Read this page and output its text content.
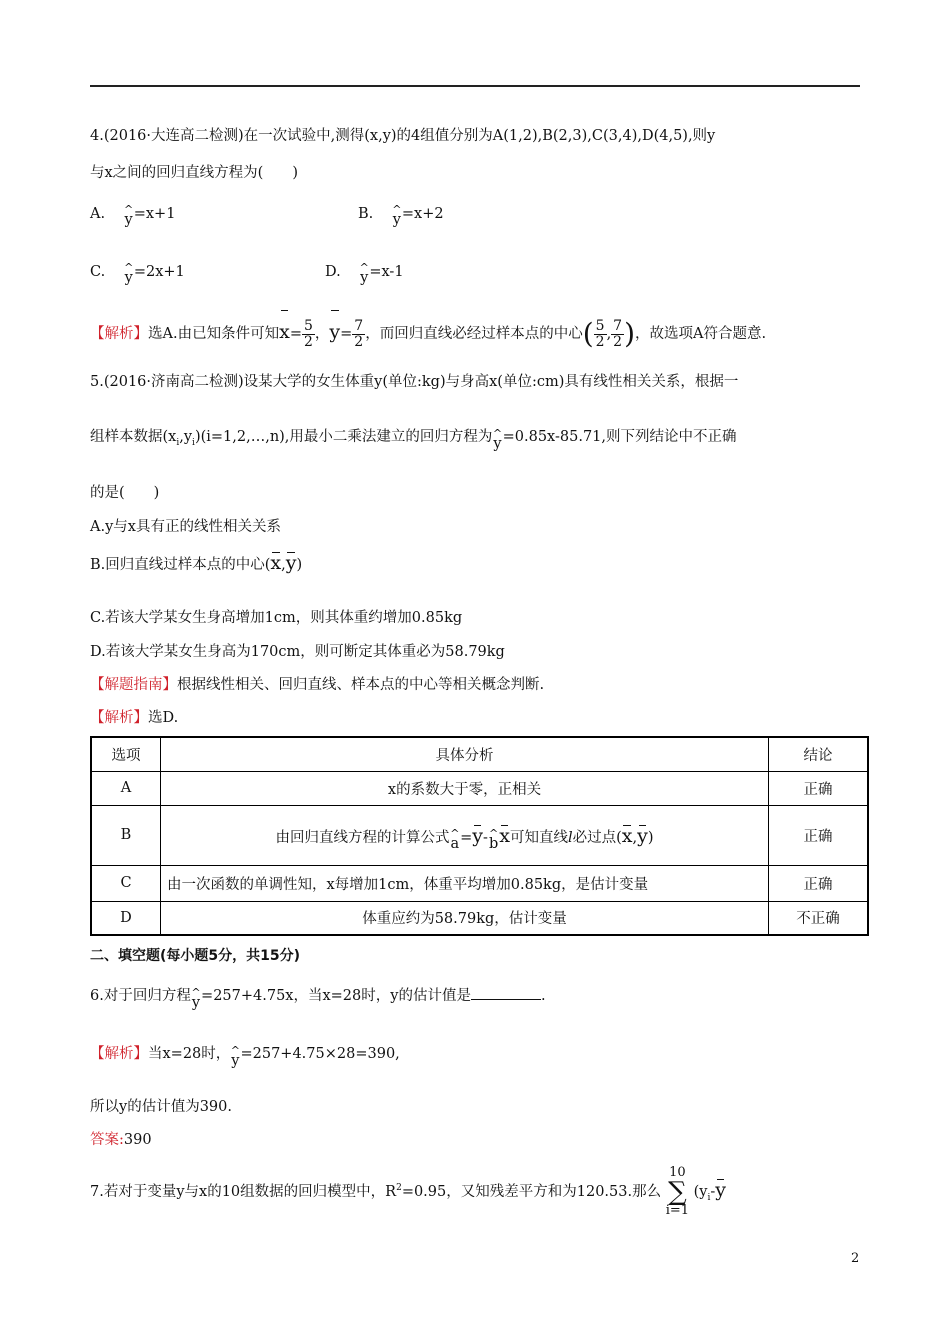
4.(2016·大连高二检测)在一次试验中,测得(x,y)的4组值分别为A(1,2),B(2,3),C(3,4),D(4,5),则y
与x之间的回归直线方程为(　　)
A. ^ y=x+1	B. ^ y=x+2
C. ^ y=2x+1	D. ^ y=x-1
【解析】选A.由已知条件可知$x= \frac{5}{2}$ ，$y= \frac{7}{2}$ ，而回归直线必经过样本点的中心( $\frac{5}{2}$ , $\frac{7}{2}$ )，故选项A符合题意.
5.(2016·济南高二检测)设某大学的女生体重y(单位:kg)与身高x(单位:cm)具有线性相关关系，根据一
组样本数据$(x_i,y_i)(i=1,2,\dots,n)$,用最小二乘法建立的回归方程为^ y=0.85x-85.71,则下列结论中不正确
的是(　　)
A.y与x具有正的线性相关关系
B.回归直线过样本点的中心(x,y)
C.若该大学某女生身高增加1cm，则其体重约增加0.85kg
D.若该大学某女生身高为170cm，则可断定其体重必为58.79kg
【解题指南】根据线性相关、回归直线、样本点的中心等相关概念判断.
【解析】选D.
选项	具体分析	结论
A	x的系数大于零，正相关	正确
B	由回归直线方程的计算公式^ a=y-^ bx可知直线l必过点(x,y)	正确
C	由一次函数的单调性知，x每增加1cm，体重平均增加0.85kg，是估计变量	正确
D	体重应约为58.79kg，估计变量	不正确
二、填空题(每小题5分，共15分)
6.对于回归方程^ y=257+4.75x，当x=28时，y的估计值是	.
【解析】当x=28时，^ y=257+4.75×28=390,
所以y的估计值为390.
答案:390
7.若对于变量y与x的10组数据的回归模型中，$R^2=0.95$，又知残差平方和为120.53.那么
10
∑
i=1
($y_i-y$
2
